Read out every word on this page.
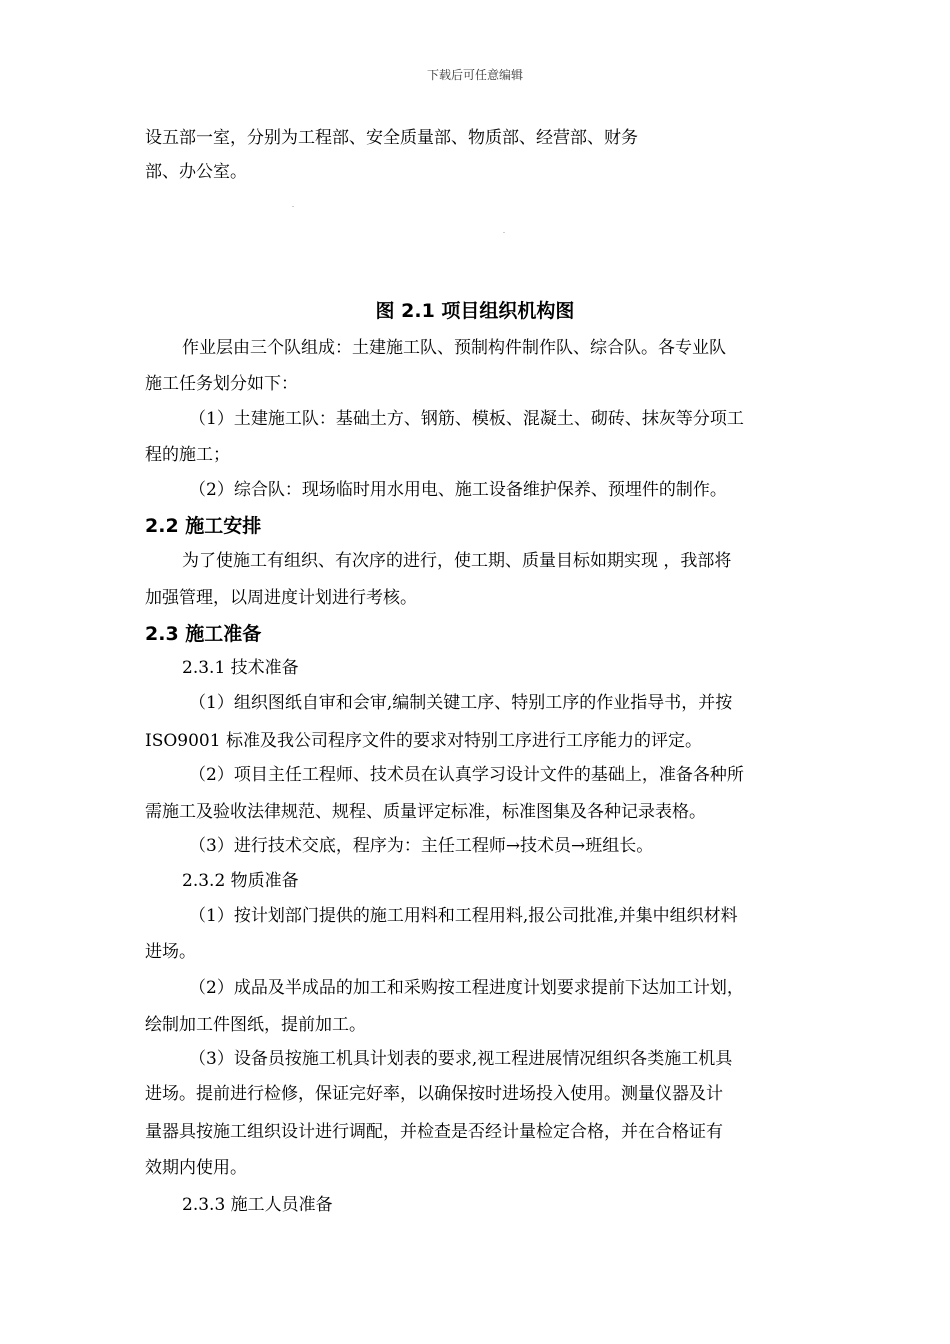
下载后可任意编辑
设五部一室，分别为工程部、安全质量部、物质部、经营部、财务
部、办公室。
图 2.1 项目组织机构图
作业层由三个队组成：土建施工队、预制构件制作队、综合队。各专业队
施工任务划分如下：
（1）土建施工队：基础土方、钢筋、模板、混凝土、砌砖、抹灰等分项工
程的施工；
（2）综合队：现场临时用水用电、施工设备维护保养、预埋件的制作。
2.2 施工安排
为了使施工有组织、有次序的进行，使工期、质量目标如期实现 ，我部将
加强管理，以周进度计划进行考核。
2.3 施工准备
2.3.1 技术准备
（1）组织图纸自审和会审,编制关键工序、特别工序的作业指导书，并按
ISO9001 标准及我公司程序文件的要求对特别工序进行工序能力的评定。
（2）项目主任工程师、技术员在认真学习设计文件的基础上，准备各种所
需施工及验收法律规范、规程、质量评定标准，标准图集及各种记录表格。
（3）进行技术交底，程序为：主任工程师→技术员→班组长。
2.3.2 物质准备
（1）按计划部门提供的施工用料和工程用料,报公司批准,并集中组织材料
进场。
（2）成品及半成品的加工和采购按工程进度计划要求提前下达加工计划，
绘制加工件图纸，提前加工。
（3）设备员按施工机具计划表的要求,视工程进展情况组织各类施工机具
进场。提前进行检修，保证完好率，以确保按时进场投入使用。测量仪器及计
量器具按施工组织设计进行调配，并检查是否经计量检定合格，并在合格证有
效期内使用。
2.3.3 施工人员准备
